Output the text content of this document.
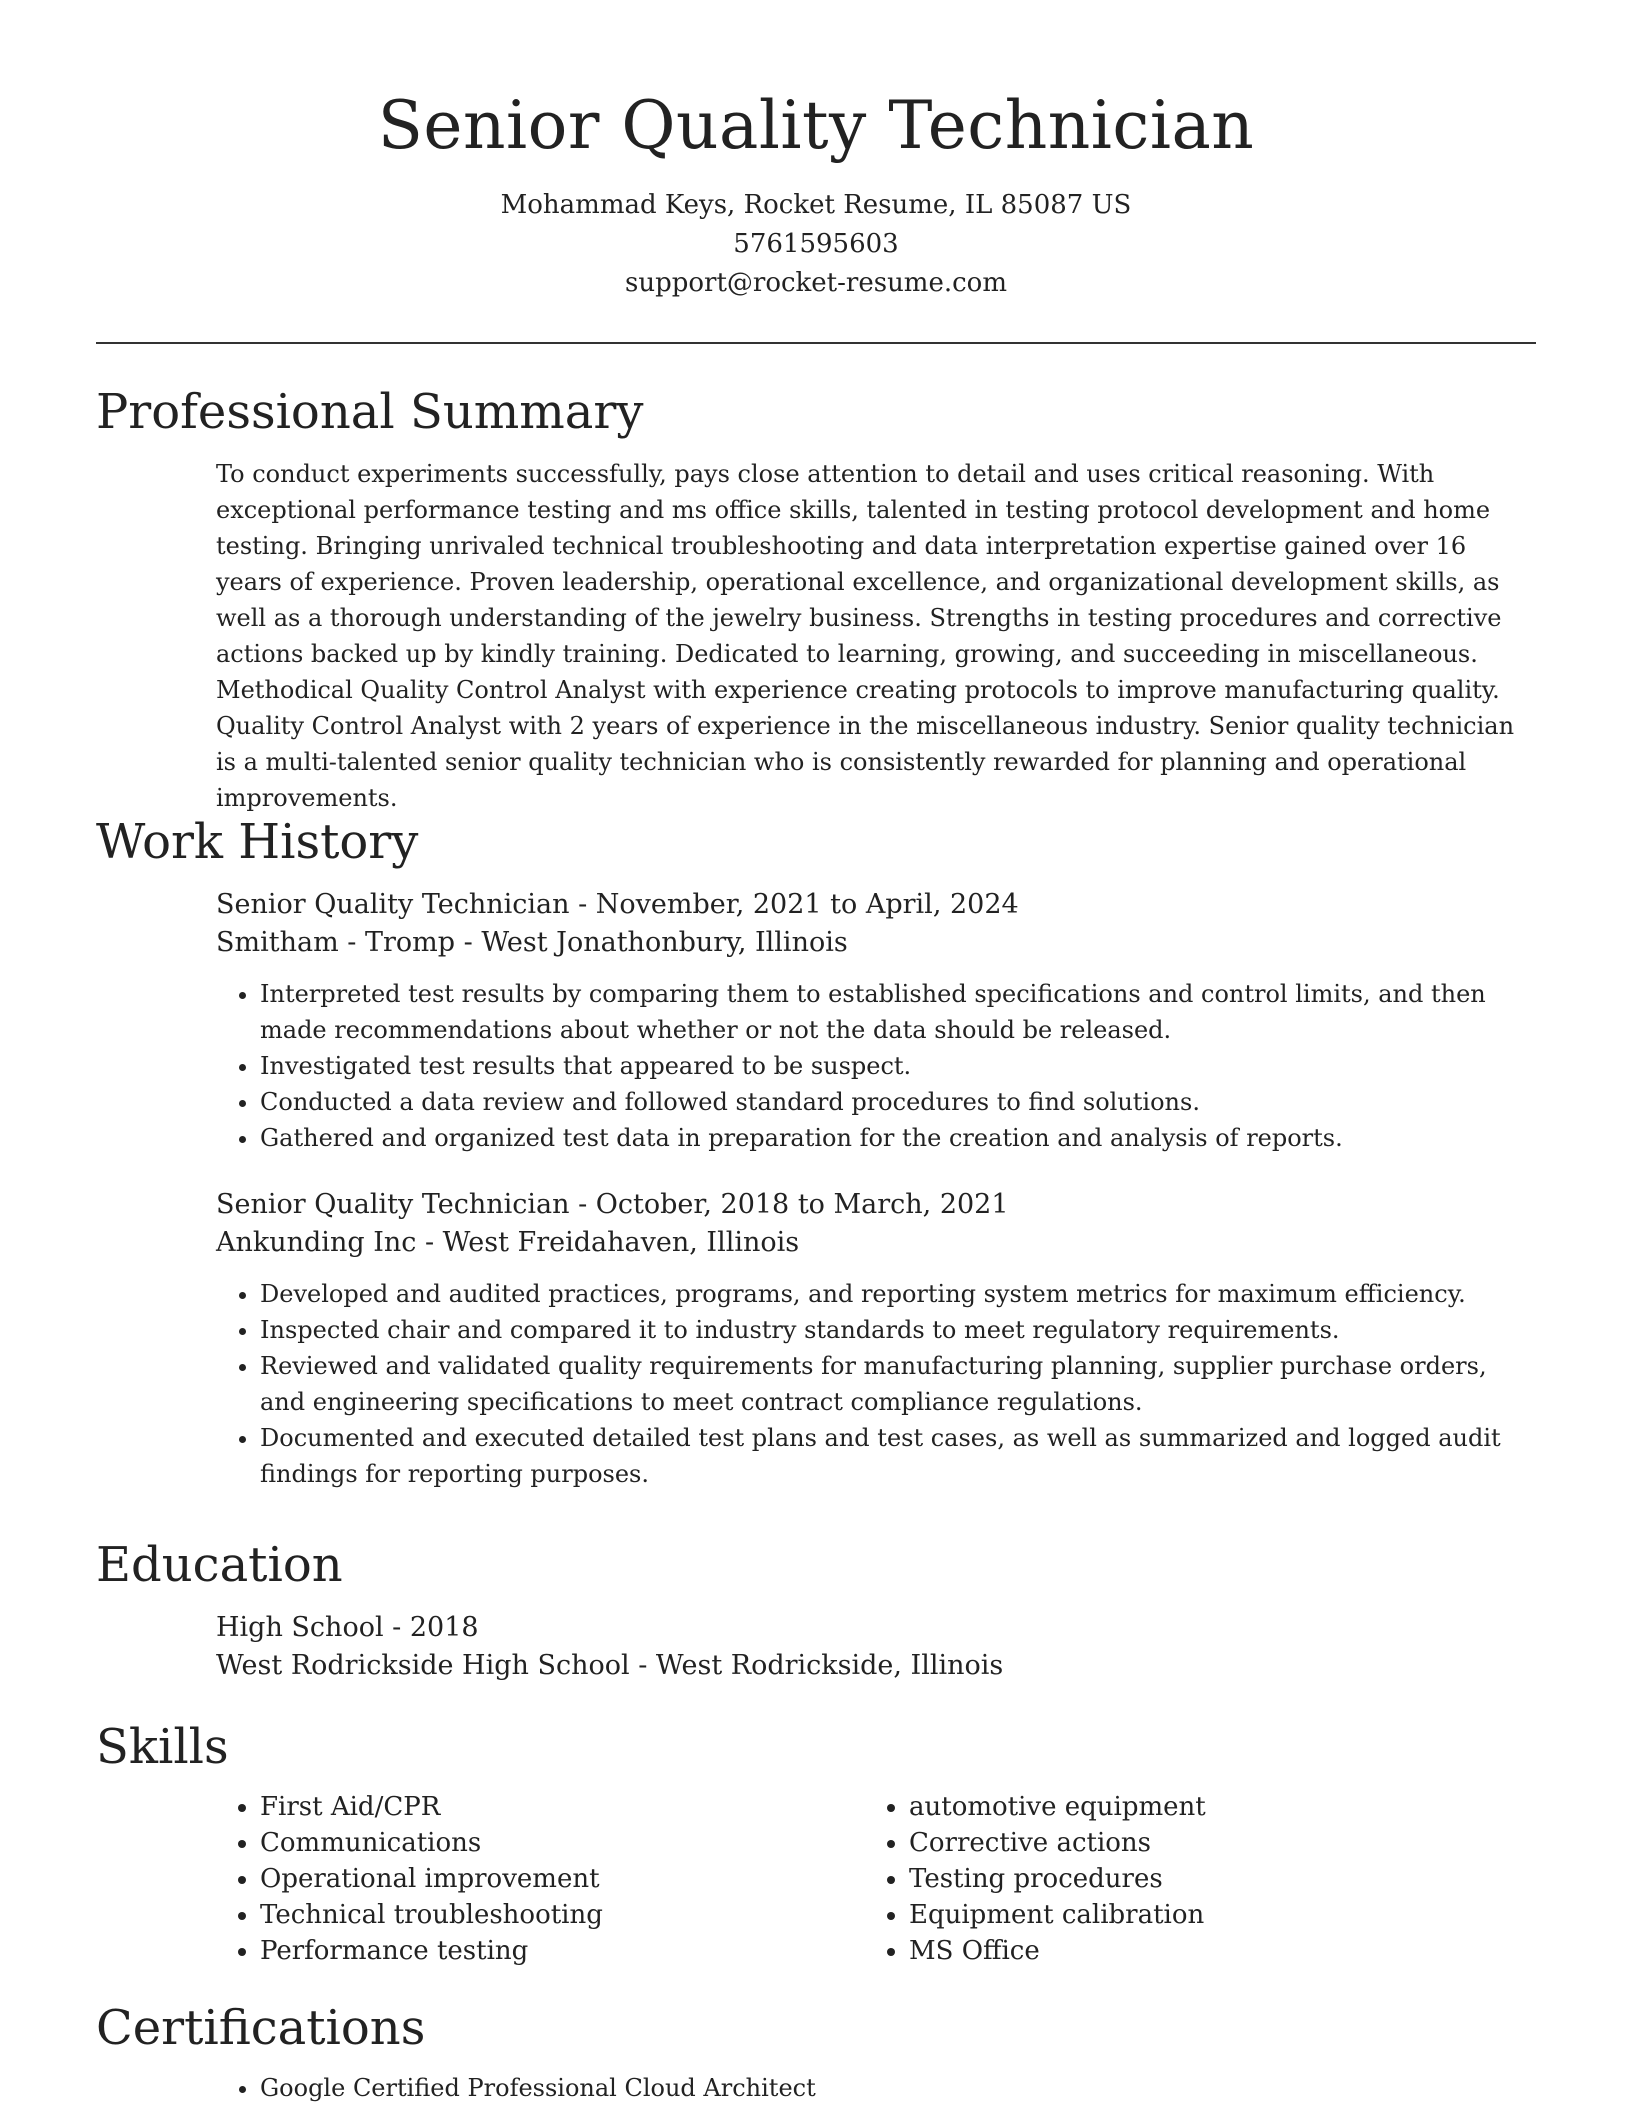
Senior Quality Technician
Mohammad Keys, Rocket Resume, IL 85087 US
5761595603
support@rocket-resume.com
Professional Summary

To conduct experiments successfully, pays close attention to detail and uses critical reasoning. With exceptional performance testing and ms office skills, talented in testing protocol development and home testing. Bringing unrivaled technical troubleshooting and data interpretation expertise gained over 16 years of experience. Proven leadership, operational excellence, and organizational development skills, as well as a thorough understanding of the jewelry business. Strengths in testing procedures and corrective actions backed up by kindly training. Dedicated to learning, growing, and succeeding in miscellaneous. Methodical Quality Control Analyst with experience creating protocols to improve manufacturing quality. Quality Control Analyst with 2 years of experience in the miscellaneous industry. Senior quality technician is a multi-talented senior quality technician who is consistently rewarded for planning and operational improvements.

Work History
Senior Quality Technician - November, 2021 to April, 2024
Smitham - Tromp - West Jonathonbury, Illinois
• Interpreted test results by comparing them to established specifications and control limits, and then made recommendations about whether or not the data should be released.
• Investigated test results that appeared to be suspect.
• Conducted a data review and followed standard procedures to find solutions.
• Gathered and organized test data in preparation for the creation and analysis of reports.
Senior Quality Technician - October, 2018 to March, 2021
Ankunding Inc - West Freidahaven, Illinois
• Developed and audited practices, programs, and reporting system metrics for maximum efficiency.
• Inspected chair and compared it to industry standards to meet regulatory requirements.
• Reviewed and validated quality requirements for manufacturing planning, supplier purchase orders, and engineering specifications to meet contract compliance regulations.
• Documented and executed detailed test plans and test cases, as well as summarized and logged audit findings for reporting purposes.
Education
High School - 2018
West Rodrickside High School - West Rodrickside, Illinois
Skills
• First Aid/CPR
• Communications
• Operational improvement
• Technical troubleshooting
• Performance testing
• automotive equipment
• Corrective actions
• Testing procedures
• Equipment calibration
• MS Office
Certifications
• Google Certified Professional Cloud Architect
